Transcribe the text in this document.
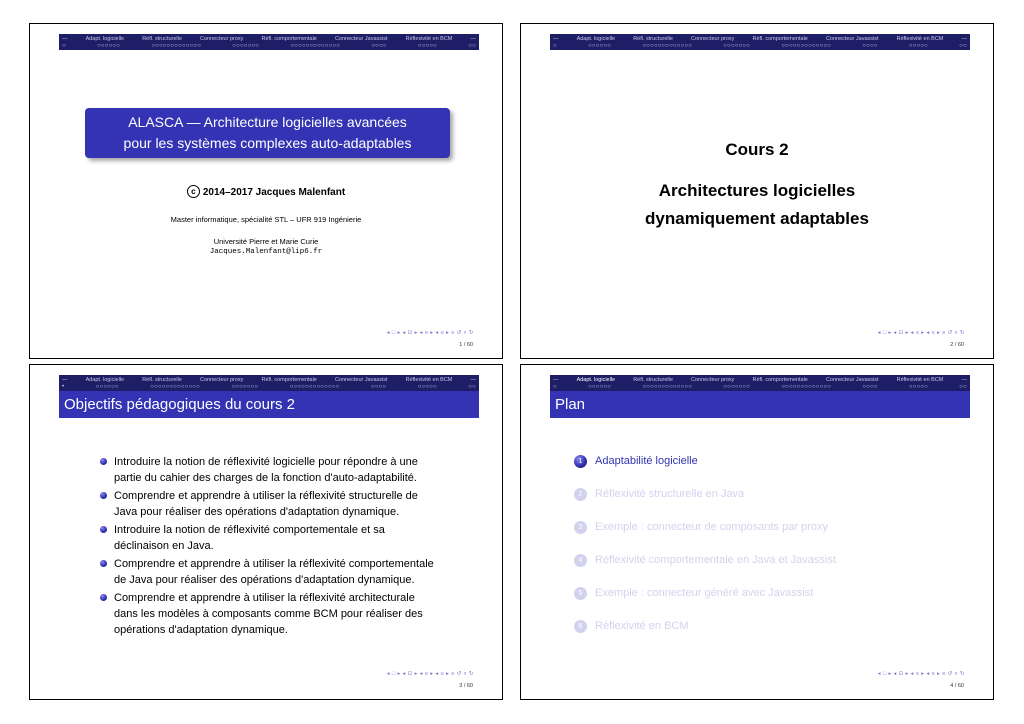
—	Adapt. logicielle	Réfl. structurelle	Connecteur proxy	Réfl. comportementale	Connecteur Javassist	Réflexivité en BCM	—
○	○○○○○○	○○○○○○○○○○○○○	○○○○○○○	○○○○○○○○○○○○○	○○○○	○○○○○	○○
ALASCA — Architecture logicielles avancées
pour les systèmes complexes auto-adaptables
c 2014–2017 Jacques Malenfant
Master informatique, spécialité STL – UFR 919 Ingénierie
Université Pierre et Marie Curie
Jacques.Malenfant@lip6.fr
◂ □ ▸ ◂ ⊡ ▸ ◂ ≡ ▸ ◂ ≡ ▸ ≡ ↺ ⌕ ↻
1 / 60
—	Adapt. logicielle	Réfl. structurelle	Connecteur proxy	Réfl. comportementale	Connecteur Javassist	Réflexivité en BCM	—
○	○○○○○○	○○○○○○○○○○○○○	○○○○○○○	○○○○○○○○○○○○○	○○○○	○○○○○	○○
Cours 2
Architectures logicielles
dynamiquement adaptables
◂ □ ▸ ◂ ⊡ ▸ ◂ ≡ ▸ ◂ ≡ ▸ ≡ ↺ ⌕ ↻
2 / 60
—	Adapt. logicielle	Réfl. structurelle	Connecteur proxy	Réfl. comportementale	Connecteur Javassist	Réflexivité en BCM	—
•	○○○○○○	○○○○○○○○○○○○○	○○○○○○○	○○○○○○○○○○○○○	○○○○	○○○○○	○○
Objectifs pédagogiques du cours 2
Introduire la notion de réflexivité logicielle pour répondre à une partie du cahier des charges de la fonction d'auto-adaptabilité.
Comprendre et apprendre à utiliser la réflexivité structurelle de Java pour réaliser des opérations d'adaptation dynamique.
Introduire la notion de réflexivité comportementale et sa déclinaison en Java.
Comprendre et apprendre à utiliser la réflexivité comportementale de Java pour réaliser des opérations d'adaptation dynamique.
Comprendre et apprendre à utiliser la réflexivité architecturale dans les modèles à composants comme BCM pour réaliser des opérations d'adaptation dynamique.
◂ □ ▸ ◂ ⊡ ▸ ◂ ≡ ▸ ◂ ≡ ▸ ≡ ↺ ⌕ ↻
3 / 60
—	Adapt. logicielle	Réfl. structurelle	Connecteur proxy	Réfl. comportementale	Connecteur Javassist	Réflexivité en BCM	—
○	○○○○○○	○○○○○○○○○○○○○	○○○○○○○	○○○○○○○○○○○○○	○○○○	○○○○○	○○
Plan
1	Adaptabilité logicielle
2	Réflexivité structurelle en Java
3	Exemple : connecteur de composants par proxy
4	Réflexivité comportementale en Java et Javassist
5	Exemple : connecteur généré avec Javassist
6	Réflexivité en BCM
◂ □ ▸ ◂ ⊡ ▸ ◂ ≡ ▸ ◂ ≡ ▸ ≡ ↺ ⌕ ↻
4 / 60
